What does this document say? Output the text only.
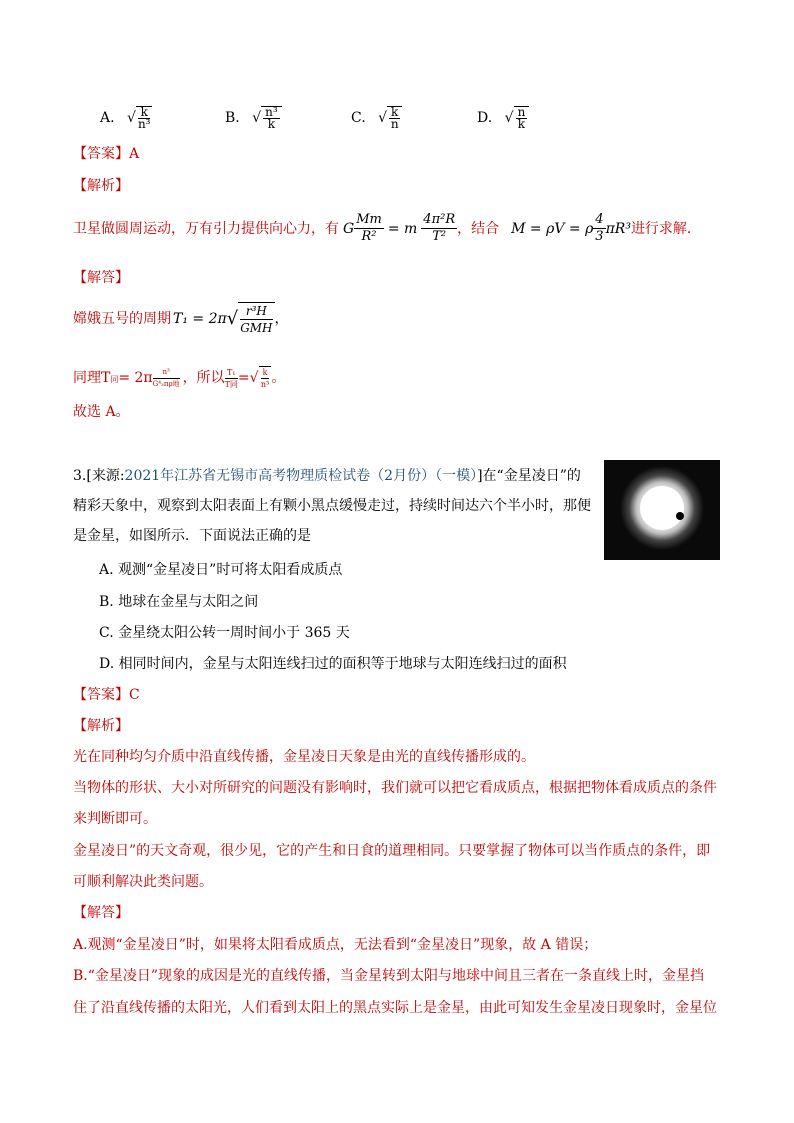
A. √ $\frac{k}{\text{n³}}$	B. √ $\frac{\text{n³}}{k}$	C. √ $\frac{k}{n}$	D. √ $\frac{n}{k}$
【答案】A
【解析】
卫星做圆周运动，万有引力提供向心力，有 G $\frac{Mm}{\text{R²}} = m \frac{\text{4π²R}}{\text{T²}}$ ，结合 M = ρV = ρ $\frac{4}{3} \pi R^3$ 进行求解．
【解答】
嫦娥五号的周期 T₁ = 2π √ $\frac{\text{r³H}}{\text{GMH}}$ ，
同理T 同 = $2\pi \frac{\text{n³}}{\text{G⁴₃πρ地}}$ ，所以 $\frac{\text{T₁}}{\text{T同}}$ = √ $\frac{k}{\text{n³}}$ 。
故选 A。
3.[来源:2021年江苏省无锡市高考物理质检试卷（2月份）（一模）]在“金星凌日”的
精彩天象中，观察到太阳表面上有颗小黑点缓慢走过，持续时间达六个半小时，那便
是金星，如图所示．下面说法正确的是
A. 观测“金星凌日”时可将太阳看成质点
B. 地球在金星与太阳之间
C. 金星绕太阳公转一周时间小于 365 天
D. 相同时间内，金星与太阳连线扫过的面积等于地球与太阳连线扫过的面积
【答案】C
【解析】
光在同种均匀介质中沿直线传播，金星凌日天象是由光的直线传播形成的。
当物体的形状、大小对所研究的问题没有影响时，我们就可以把它看成质点，根据把物体看成质点的条件
来判断即可。
金星凌日”的天文奇观，很少见，它的产生和日食的道理相同。只要掌握了物体可以当作质点的条件，即
可顺利解决此类问题。
【解答】
A.观测“金星凌日”时，如果将太阳看成质点，无法看到“金星凌日”现象，故 A 错误；
B.“金星凌日”现象的成因是光的直线传播，当金星转到太阳与地球中间且三者在一条直线上时，金星挡
住了沿直线传播的太阳光，人们看到太阳上的黑点实际上是金星，由此可知发生金星凌日现象时，金星位
